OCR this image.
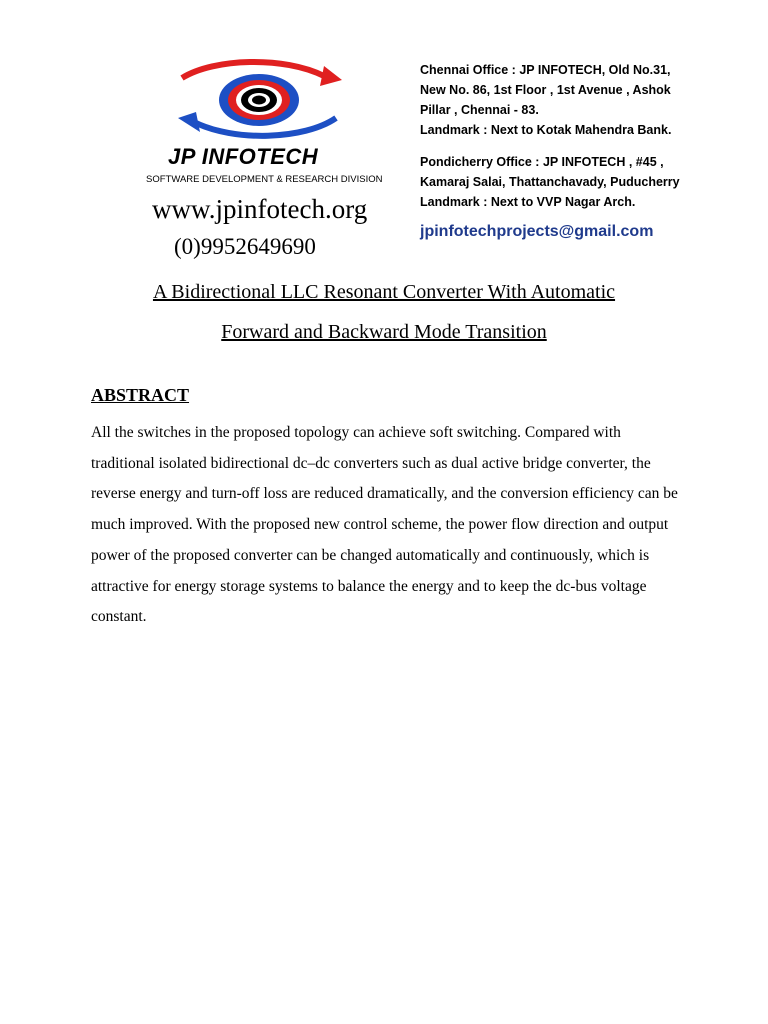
JP INFOTECH
SOFTWARE DEVELOPMENT & RESEARCH DIVISION
www.jpinfotech.org
(0)9952649690
Chennai Office : JP INFOTECH, Old No.31,
New No. 86, 1st Floor , 1st Avenue , Ashok
Pillar , Chennai - 83.
Landmark : Next to Kotak Mahendra Bank.
Pondicherry Office : JP INFOTECH , #45 ,
Kamaraj Salai, Thattanchavady, Puducherry
Landmark : Next to VVP Nagar Arch.
jpinfotechprojects@gmail.com
A Bidirectional LLC Resonant Converter With Automatic
Forward and Backward Mode Transition
ABSTRACT
All the switches in the proposed topology can achieve soft switching. Compared with traditional isolated bidirectional dc–dc converters such as dual active bridge converter, the reverse energy and turn-off loss are reduced dramatically, and the conversion efficiency can be much improved. With the proposed new control scheme, the power flow direction and output power of the proposed converter can be changed automatically and continuously, which is attractive for energy storage systems to balance the energy and to keep the dc-bus voltage constant.
